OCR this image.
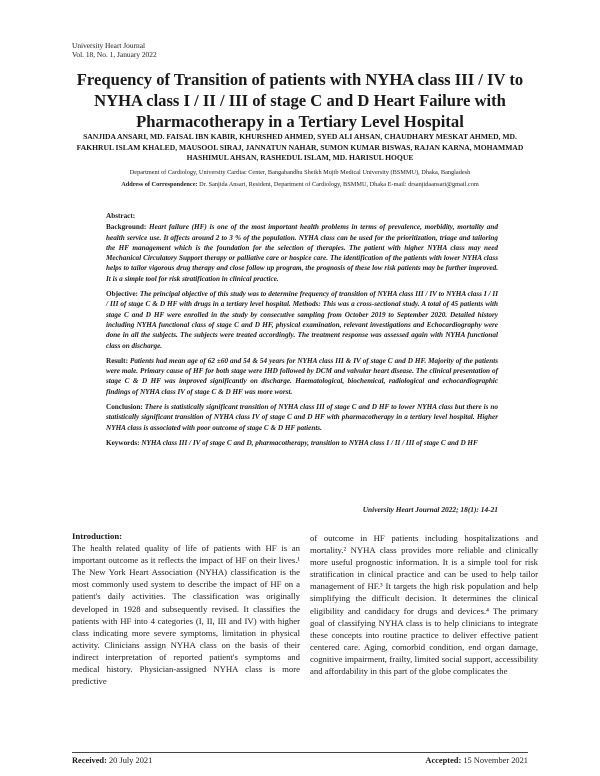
University Heart Journal
Vol. 18, No. 1, January 2022
Frequency of Transition of patients with NYHA class III / IV to NYHA class I / II / III of stage C and D Heart Failure with Pharmacotherapy in a Tertiary Level Hospital
SANJIDA ANSARI, MD. FAISAL IBN KABIR, KHURSHED AHMED, SYED ALI AHSAN, CHAUDHARY MESKAT AHMED, MD. FAKHRUL ISLAM KHALED, MAUSOOL SIRAJ, JANNATUN NAHAR, SUMON KUMAR BISWAS, RAJAN KARNA, MOHAMMAD HASHIMUL AHSAN, RASHEDUL ISLAM, MD. HARISUL HOQUE
Department of Cardiology, University Cardiac Center, Bangabandhu Sheikh Mujib Medical University (BSMMU), Dhaka, Bangladesh
Address of Correspondence: Dr. Sanjida Ansari, Resident, Department of Cardiology, BSMMU, Dhaka E-mail: drsanjidaansari@gmail.com

Abstract:

Background: Heart failure (HF) is one of the most important health problems in terms of prevalence, morbidity, mortality and health service use. It affects around 2 to 3 % of the population. NYHA class can be used for the prioritization, triage and tailoring the HF management which is the foundation for the selection of therapies. The patient with higher NYHA class may need Mechanical Circulatory Support therapy or palliative care or hospice care. The identification of the patients with lower NYHA class helps to tailor vigorous drug therapy and close follow up program, the prognosis of these low risk patients may be further improved. It is a simple tool for risk stratification in clinical practice.

Objective: The principal objective of this study was to determine frequency of transition of NYHA class III / IV to NYHA class I / II / III of stage C & D HF with drugs in a tertiary level hospital. Methods: This was a cross-sectional study. A total of 45 patients with stage C and D HF were enrolled in the study by consecutive sampling from October 2019 to September 2020. Detailed history including NYHA functional class of stage C and D HF, physical examination, relevant investigations and Echocardiography were done in all the subjects. The subjects were treated accordingly. The treatment response was assessed again with NYHA functional class on discharge.

Result: Patients had mean age of 62 ±60 and 54 & 54 years for NYHA class III & IV of stage C and D HF. Majority of the patients were male. Primary cause of HF for both stage were IHD followed by DCM and valvular heart disease. The clinical presentation of stage C & D HF was improved significantly on discharge. Haematological, biochemical, radiological and echocardiographic findings of NYHA class IV of stage C & D HF was more worst.

Conclusion: There is statistically significant transition of NYHA class III of stage C and D HF to lower NYHA class but there is no statistically significant transition of NYHA class IV of stage C and D HF with pharmacotherapy in a tertiary level hospital. Higher NYHA class is associated with poor outcome of stage C & D HF patients.

Keywords: NYHA class III / IV of stage C and D, pharmacotherapy, transition to NYHA class I / II / III of stage C and D HF

University Heart Journal 2022; 18(1): 14-21

Introduction:

The health related quality of life of patients with HF is an important outcome as it reflects the impact of HF on their lives.¹ The New York Heart Association (NYHA) classification is the most commonly used system to describe the impact of HF on a patient's daily activities. The classification was originally developed in 1928 and subsequently revised. It classifies the patients with HF into 4 categories (I, II, III and IV) with higher class indicating more severe symptoms, limitation in physical activity. Clinicians assign NYHA class on the basis of their indirect interpretation of reported patient's symptoms and medical history. Physician-assigned NYHA class is more predictive

of outcome in HF patients including hospitalizations and mortality.² NYHA class provides more reliable and clinically more useful prognostic information. It is a simple tool for risk stratification in clinical practice and can be used to help tailor management of HF.³ It targets the high risk population and help simplifying the difficult decision. It determines the clinical eligibility and candidacy for drugs and devices.⁴ The primary goal of classifying NYHA class is to help clinicians to integrate these concepts into routine practice to deliver effective patient centered care. Aging, comorbid condition, end organ damage, cognitive impairment, frailty, limited social support, accessibility and affordability in this part of the globe complicates the

Received: 20 July 2021	Accepted: 15 November 2021
